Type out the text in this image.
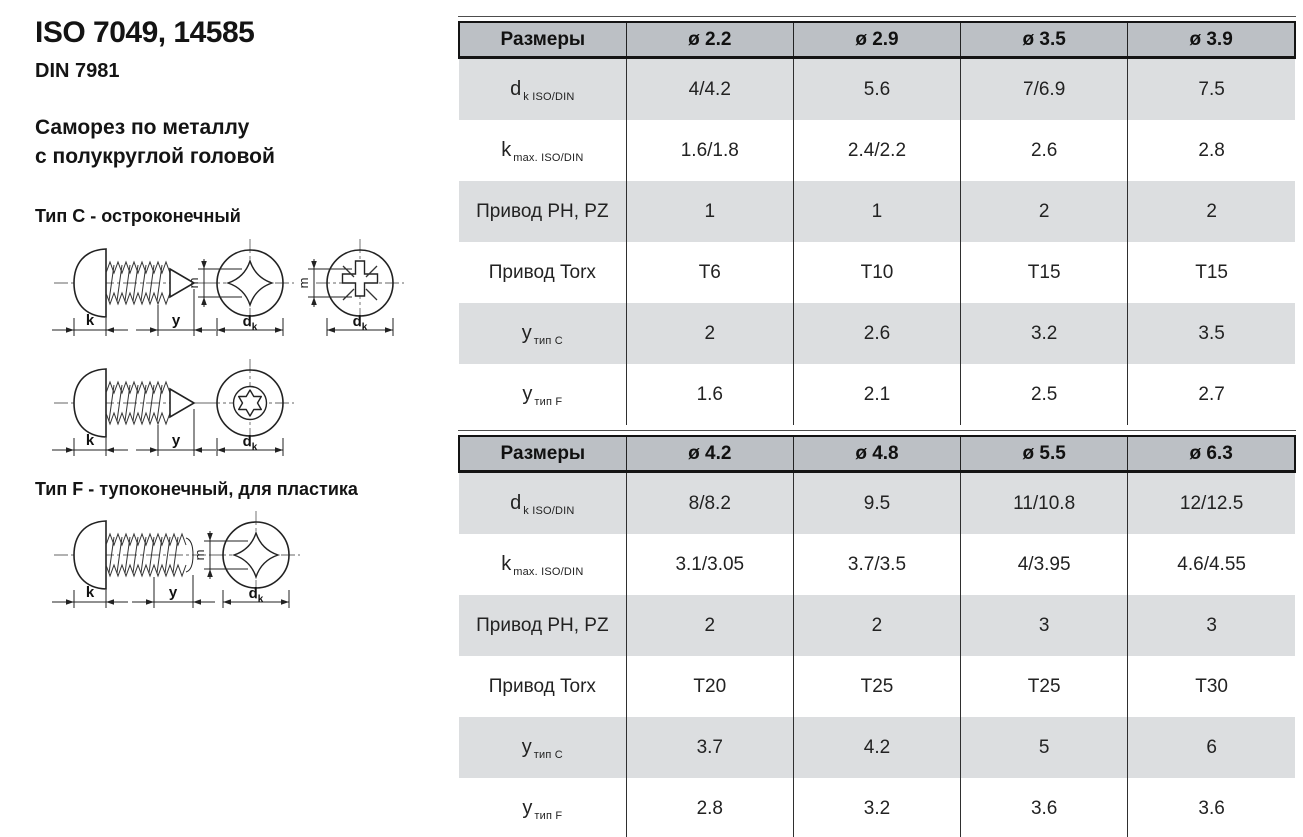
ISO 7049, 14585
DIN 7981
Саморез по металлу
с полукруглой головой
Тип C - остроконечный
Тип F - тупоконечный, для пластика
k	y
m
$d_k$
m
$d_k$
k	y	$d_k$
k	y
m
$d_k$
Размеры	ø 2.2	ø 2.9	ø 3.5	ø 3.9
d $_{k ISO/DIN}$	4/4.2	5.6	7/6.9	7.5
k $_{max. ISO/DIN}$	1.6/1.8	2.4/2.2	2.6	2.8
Привод PH, PZ	1	1	2	2
Привод Torx	T6	T10	T15	T15
у $_{тип C}$	2	2.6	3.2	3.5
у $_{тип F}$	1.6	2.1	2.5	2.7
Размеры	ø 4.2	ø 4.8	ø 5.5	ø 6.3
d $_{k ISO/DIN}$	8/8.2	9.5	11/10.8	12/12.5
k $_{max. ISO/DIN}$	3.1/3.05	3.7/3.5	4/3.95	4.6/4.55
Привод PH, PZ	2	2	3	3
Привод Torx	T20	T25	T25	T30
у $_{тип C}$	3.7	4.2	5	6
у $_{тип F}$	2.8	3.2	3.6	3.6
